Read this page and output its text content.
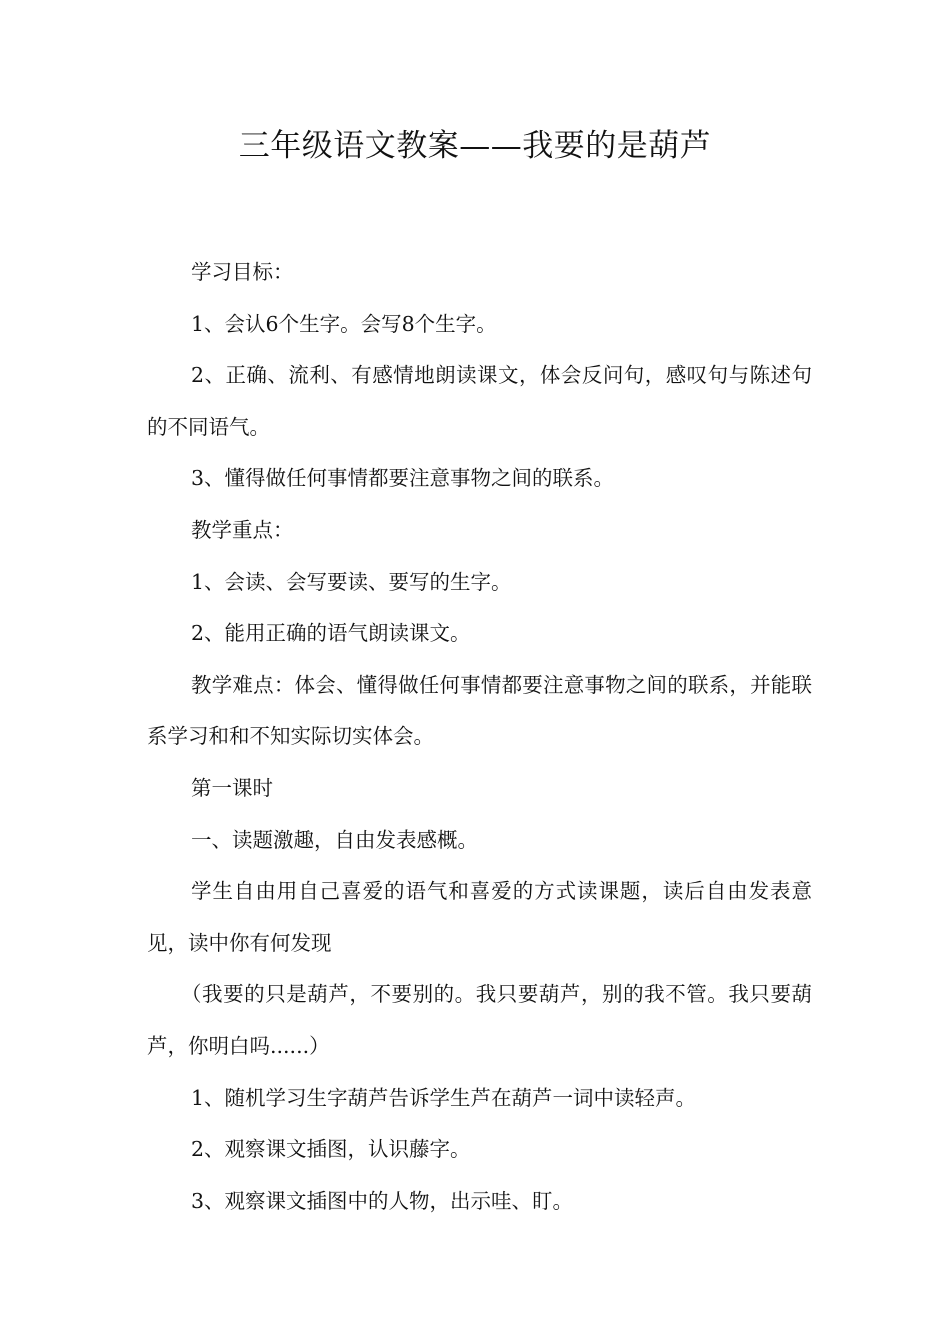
三年级语文教案——我要的是葫芦

学习目标：

1、会认6个生字。会写8个生字。

2、正确、流利、有感情地朗读课文，体会反问句，感叹句与陈述句的不同语气。

3、懂得做任何事情都要注意事物之间的联系。

教学重点：

1、会读、会写要读、要写的生字。

2、能用正确的语气朗读课文。

教学难点：体会、懂得做任何事情都要注意事物之间的联系，并能联系学习和和不知实际切实体会。

第一课时

一、读题激趣，自由发表感概。

学生自由用自己喜爱的语气和喜爱的方式读课题，读后自由发表意见，读中你有何发现

（我要的只是葫芦，不要别的。我只要葫芦，别的我不管。我只要葫芦，你明白吗......）

1、随机学习生字葫芦告诉学生芦在葫芦一词中读轻声。

2、观察课文插图，认识藤字。

3、观察课文插图中的人物，出示哇、盯。
